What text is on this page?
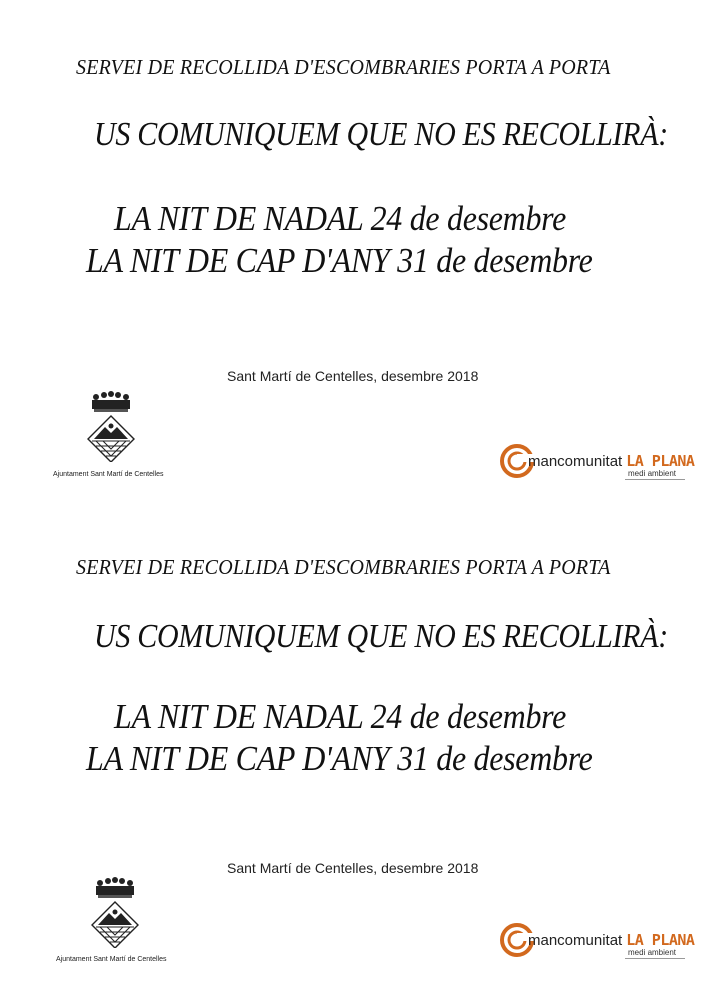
SERVEI DE RECOLLIDA D'ESCOMBRARIES PORTA A PORTA
US COMUNIQUEM QUE NO ES RECOLLIRÀ:
LA NIT DE NADAL 24 de desembre
LA NIT DE CAP D'ANY 31 de desembre
Sant Martí de Centelles, desembre 2018
Ajuntament Sant Martí de Centelles
mancomunitat LA PLANA
medi ambient
SERVEI DE RECOLLIDA D'ESCOMBRARIES PORTA A PORTA
US COMUNIQUEM QUE NO ES RECOLLIRÀ:
LA NIT DE NADAL 24 de desembre
LA NIT DE CAP D'ANY 31 de desembre
Sant Martí de Centelles, desembre 2018
Ajuntament Sant Martí de Centelles
mancomunitat LA PLANA
medi ambient
